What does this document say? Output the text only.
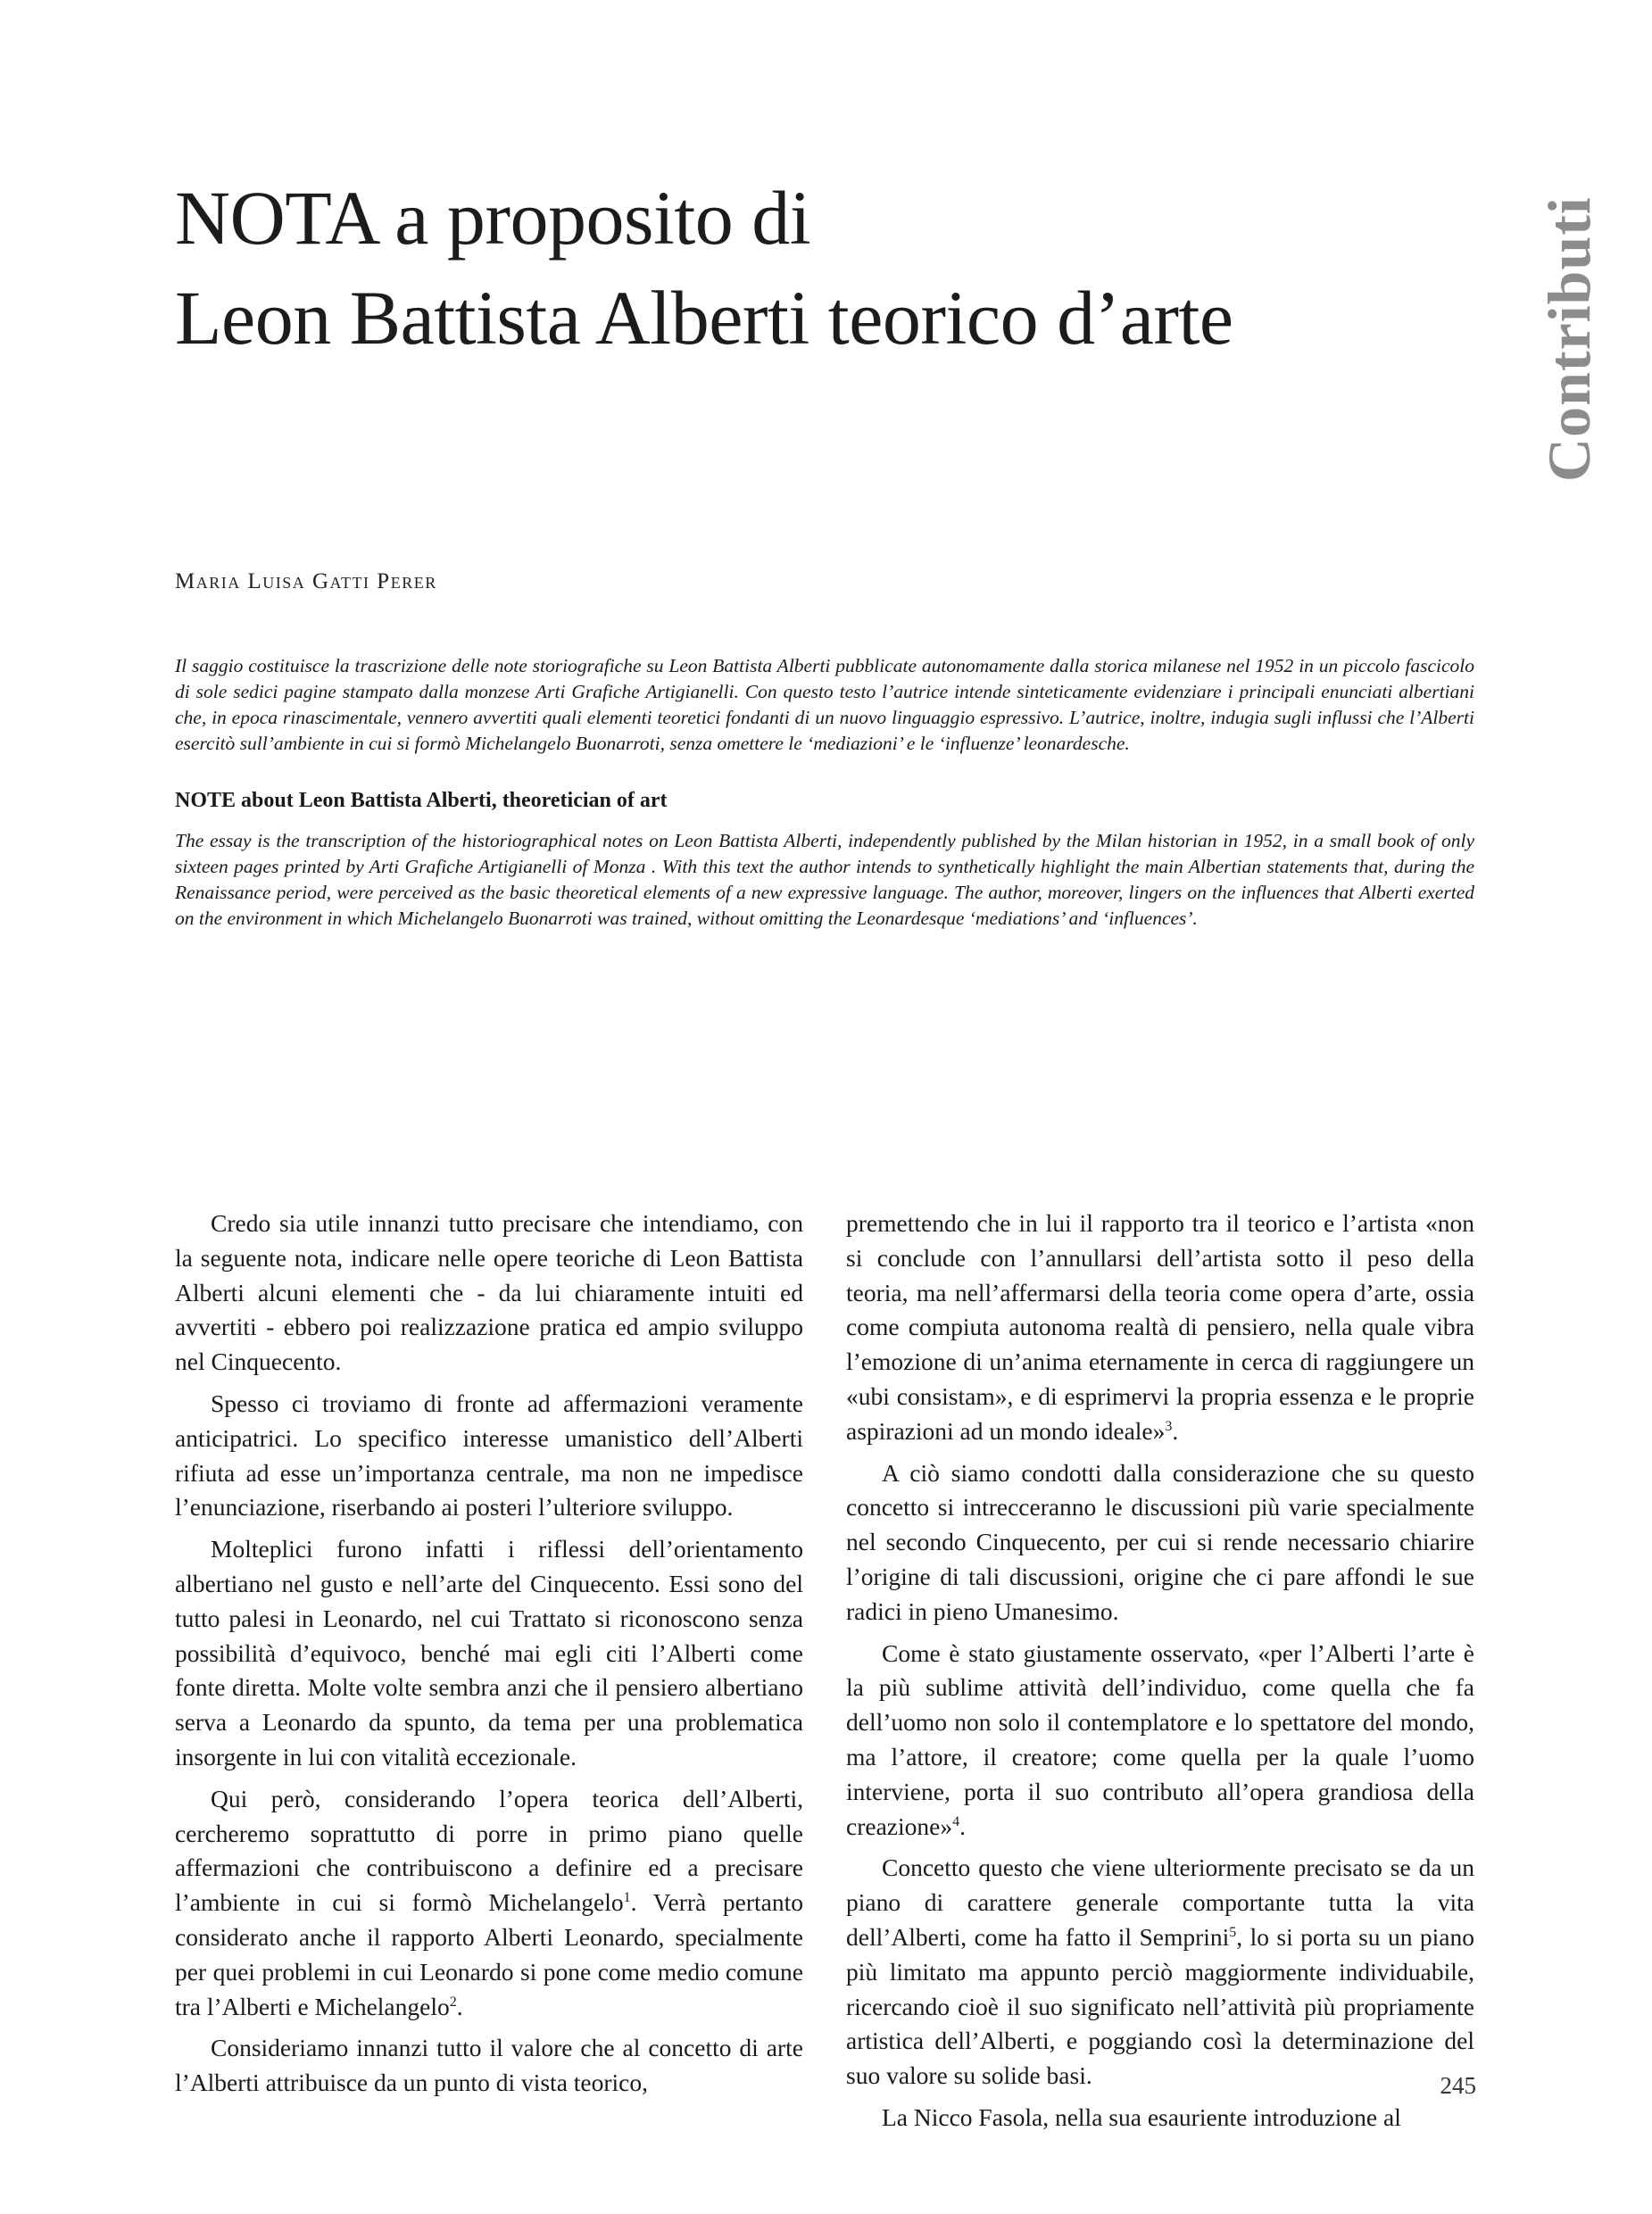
NOTA a proposito di
Leon Battista Alberti teorico d’arte	Contributi
Maria Luisa Gatti Perer

Il saggio costituisce la trascrizione delle note storiografiche su Leon Battista Alberti pubblicate autonomamente dalla storica milanese nel 1952 in un piccolo fascicolo di sole sedici pagine stampato dalla monzese Arti Grafiche Artigianelli. Con questo testo l’autrice intende sinteticamente evidenziare i principali enunciati albertiani che, in epoca rinascimentale, vennero avvertiti quali elementi teoretici fondanti di un nuovo linguaggio espressivo. L’autrice, inoltre, indugia sugli influssi che l’Alberti esercitò sull’ambiente in cui si formò Michelangelo Buonarroti, senza omettere le ‘mediazioni’ e le ‘influenze’ leonardesche.

NOTE about Leon Battista Alberti, theoretician of art

The essay is the transcription of the historiographical notes on Leon Battista Alberti, independently published by the Milan historian in 1952, in a small book of only sixteen pages printed by Arti Grafiche Artigianelli of Monza . With this text the author intends to synthetically highlight the main Albertian statements that, during the Renaissance period, were perceived as the basic theoretical elements of a new expressive language. The author, moreover, lingers on the influences that Alberti exerted on the environment in which Michelangelo Buonarroti was trained, without omitting the Leonardesque ‘mediations’ and ‘influences’.

Credo sia utile innanzi tutto precisare che intendiamo, con la seguente nota, indicare nelle opere teoriche di Leon Battista Alberti alcuni elementi che - da lui chiaramente intuiti ed avvertiti - ebbero poi realizzazione pratica ed ampio sviluppo nel Cinquecento.

Spesso ci troviamo di fronte ad affermazioni veramente anticipatrici. Lo specifico interesse umanistico dell’Alberti rifiuta ad esse un’importanza centrale, ma non ne impedisce l’enunciazione, riserbando ai posteri l’ulteriore sviluppo.

Molteplici furono infatti i riflessi dell’orientamento albertiano nel gusto e nell’arte del Cinquecento. Essi sono del tutto palesi in Leonardo, nel cui Trattato si riconoscono senza possibilità d’equivoco, benché mai egli citi l’Alberti come fonte diretta. Molte volte sembra anzi che il pensiero albertiano serva a Leonardo da spunto, da tema per una problematica insorgente in lui con vitalità eccezionale.

Qui però, considerando l’opera teorica dell’Alberti, cercheremo soprattutto di porre in primo piano quelle affermazioni che contribuiscono a definire ed a precisare l’ambiente in cui si formò Michelangelo$^1$. Verrà pertanto considerato anche il rapporto Alberti Leonardo, specialmente per quei problemi in cui Leonardo si pone come medio comune tra l’Alberti e Michelangelo$^2$.

Consideriamo innanzi tutto il valore che al concetto di arte l’Alberti attribuisce da un punto di vista teorico,

premettendo che in lui il rapporto tra il teorico e l’artista «non si conclude con l’annullarsi dell’artista sotto il peso della teoria, ma nell’affermarsi della teoria come opera d’arte, ossia come compiuta autonoma realtà di pensiero, nella quale vibra l’emozione di un’anima eternamente in cerca di raggiungere un «ubi consistam», e di esprimervi la propria essenza e le proprie aspirazioni ad un mondo ideale»$^3$.

A ciò siamo condotti dalla considerazione che su questo concetto si intrecceranno le discussioni più varie specialmente nel secondo Cinquecento, per cui si rende necessario chiarire l’origine di tali discussioni, origine che ci pare affondi le sue radici in pieno Umanesimo.

Come è stato giustamente osservato, «per l’Alberti l’arte è la più sublime attività dell’individuo, come quella che fa dell’uomo non solo il contemplatore e lo spettatore del mondo, ma l’attore, il creatore; come quella per la quale l’uomo interviene, porta il suo contributo all’opera grandiosa della creazione»$^4$.

Concetto questo che viene ulteriormente precisato se da un piano di carattere generale comportante tutta la vita dell’Alberti, come ha fatto il Semprini$^5$, lo si porta su un piano più limitato ma appunto perciò maggiormente individuabile, ricercando cioè il suo significato nell’attività più propriamente artistica dell’Alberti, e poggiando così la determinazione del suo valore su solide basi.

La Nicco Fasola, nella sua esauriente introduzione al

245
